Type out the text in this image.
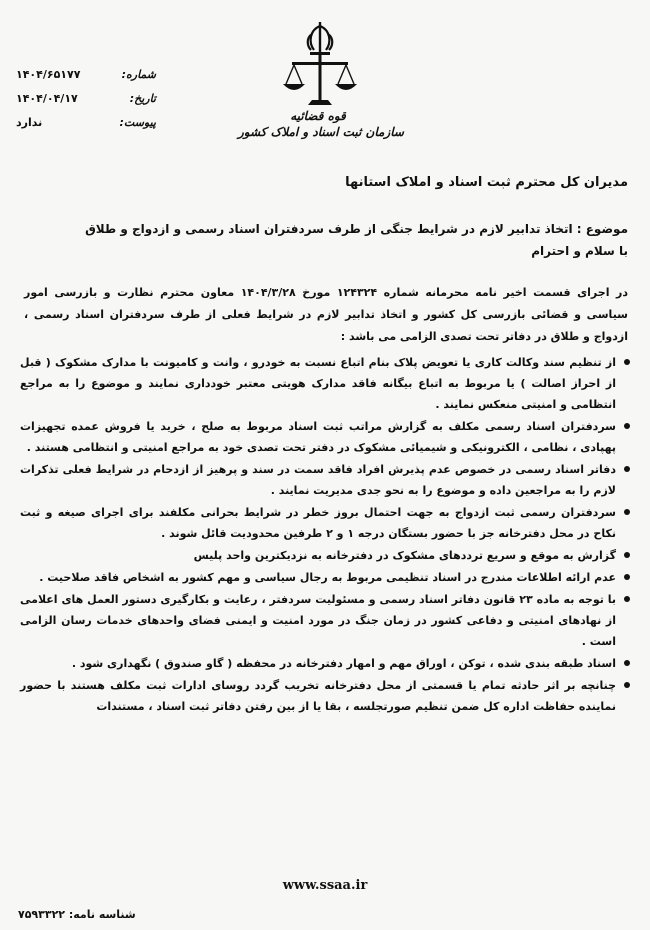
قوه قضائیه
سازمان ثبت اسناد و املاک کشور
شماره:
۱۴۰۴/۶۵۱۷۷
تاریخ:
۱۴۰۴/۰۴/۱۷
پیوست:
ندارد
مدیران کل محترم ثبت اسناد و املاک استانها
موضوع : اتخاذ تدابیر لازم در شرایط جنگی از طرف سردفتران اسناد رسمی و ازدواج و طلاق
با سلام و احترام
در اجرای قسمت اخیر نامه محرمانه شماره ۱۲۴۳۲۴ مورخ ۱۴۰۴/۳/۲۸ معاون محترم نظارت و بازرسی امور سیاسی و قضائی بازرسی کل کشور و اتخاذ تدابیر لازم در شرایط فعلی از طرف سردفتران اسناد رسمی ، ازدواج و طلاق در دفاتر تحت تصدی الزامی می باشد :
از تنظیم سند وکالت کاری یا تعویض پلاک بنام اتباع نسبت به خودرو ، وانت و کامیونت با مدارک مشکوک ( قبل از احراز اصالت ) یا مربوط به اتباع بیگانه فاقد مدارک هویتی معتبر خودداری نمایند و موضوع را به مراجع انتظامی و امنیتی منعکس نمایند .
سردفتران اسناد رسمی مکلف به گزارش مراتب ثبت اسناد مربوط به صلح ، خرید یا فروش عمده تجهیزات پهپادی ، نظامی ، الکترونیکی و شیمیائی مشکوک در دفتر تحت تصدی خود به مراجع امنیتی و انتظامی هستند .
دفاتر اسناد رسمی در خصوص عدم پذیرش افراد فاقد سمت در سند و پرهیز از ازدحام در شرایط فعلی تذکرات لازم را به مراجعین داده و موضوع را به نحو جدی مدیریت نمایند .
سردفتران رسمی ثبت ازدواج به جهت احتمال بروز خطر در شرایط بحرانی مکلفند برای اجرای صیغه و ثبت نکاح در محل دفترخانه جز با حضور بستگان درجه ۱ و ۲ طرفین محدودیت قائل شوند .
گزارش به موقع و سریع ترددهای مشکوک در دفترخانه به نزدیکترین واحد پلیس
عدم ارائه اطلاعات مندرج در اسناد تنظیمی مربوط به رجال سیاسی و مهم کشور به اشخاص فاقد صلاحیت .
با توجه به ماده ۲۳ قانون دفاتر اسناد رسمی و مسئولیت سردفتر ، رعایت و بکارگیری دستور العمل های اعلامی از نهادهای امنیتی و دفاعی کشور در زمان جنگ در مورد امنیت و ایمنی فضای واحدهای خدمات رسان الزامی است .
اسناد طبقه بندی شده ، توکن ، اوراق مهم و امهار دفترخانه در محفظه ( گاو صندوق ) نگهداری شود .
چنانچه بر اثر حادثه تمام یا قسمتی از محل دفترخانه تخریب گردد روسای ادارات ثبت مکلف هستند با حضور نماینده حفاظت اداره کل ضمن تنظیم صورتجلسه ، بقا یا از بین رفتن دفاتر ثبت اسناد ، مستندات
www.ssaa.ir
شناسه نامه: ۷۵۹۳۳۲۲
